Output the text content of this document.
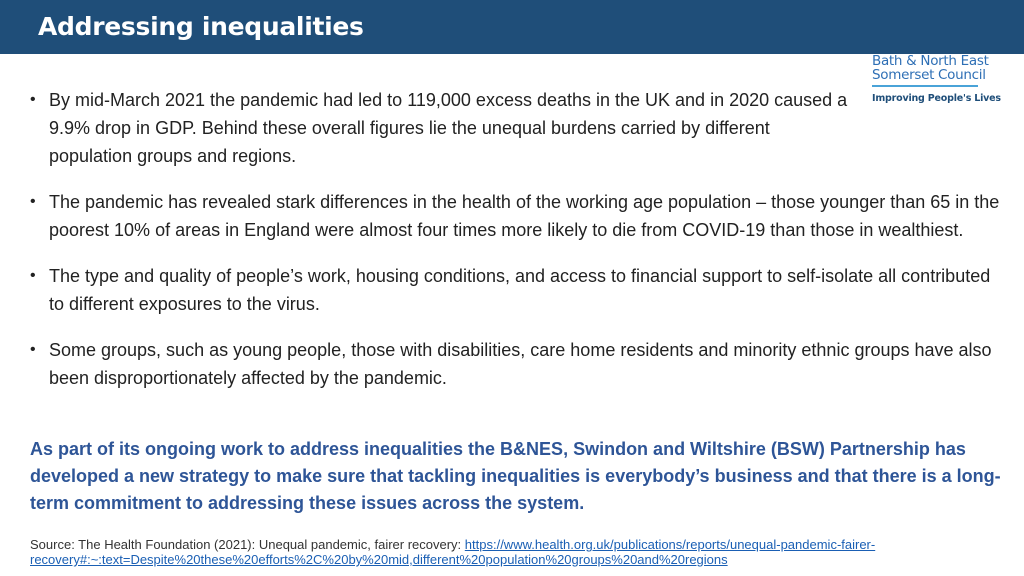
Addressing inequalities
Bath & North East
Somerset Council
Improving People's Lives
• By mid-March 2021 the pandemic had led to 119,000 excess deaths in the UK and in 2020 caused a 9.9% drop in GDP. Behind these overall figures lie the unequal burdens carried by different population groups and regions.
• The pandemic has revealed stark differences in the health of the working age population – those younger than 65 in the poorest 10% of areas in England were almost four times more likely to die from COVID-19 than those in wealthiest.
• The type and quality of people’s work, housing conditions, and access to financial support to self-isolate all contributed to different exposures to the virus.
• Some groups, such as young people, those with disabilities, care home residents and minority ethnic groups have also been disproportionately affected by the pandemic.
As part of its ongoing work to address inequalities the B&NES, Swindon and Wiltshire (BSW) Partnership has developed a new strategy to make sure that tackling inequalities is everybody’s business and that there is a long-term commitment to addressing these issues across the system.
Source: The Health Foundation (2021): Unequal pandemic, fairer recovery: https://www.health.org.uk/publications/reports/unequal-pandemic-fairer-recovery#:~:text=Despite%20these%20efforts%2C%20by%20mid,different%20population%20groups%20and%20regions
